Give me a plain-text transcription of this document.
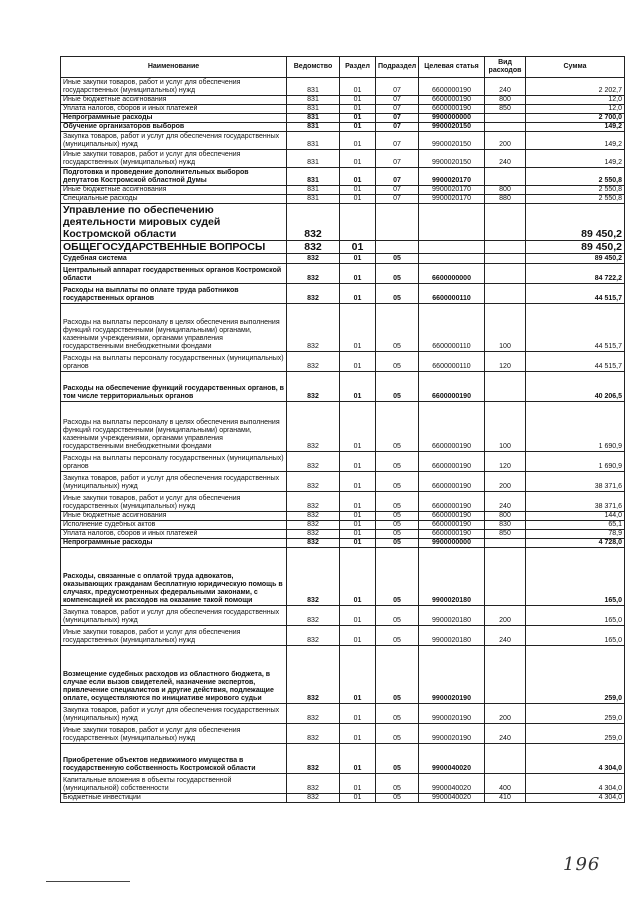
Наименование	Ведомство	Раздел	Подраздел	Целевая статья	Вид расходов	Сумма
Иные закупки товаров, работ и услуг для обеспечения государственных (муниципальных) нужд	831	01	07	6600000190	240	2 202,7
Иные бюджетные ассигнования	831	01	07	6600000190	800	12,0
Уплата налогов, сборов и иных платежей	831	01	07	6600000190	850	12,0
Непрограммные расходы	831	01	07	9900000000		2 700,0
Обучение организаторов выборов	831	01	07	9900020150		149,2
Закупка товаров, работ и услуг для обеспечения государственных (муниципальных) нужд	831	01	07	9900020150	200	149,2
Иные закупки товаров, работ и услуг для обеспечения государственных (муниципальных) нужд	831	01	07	9900020150	240	149,2
Подготовка и проведение дополнительных выборов депутатов Костромской областной Думы	831	01	07	9900020170		2 550,8
Иные бюджетные ассигнования	831	01	07	9900020170	800	2 550,8
Специальные расходы	831	01	07	9900020170	880	2 550,8
Управление по обеспечению деятельности мировых судей Костромской области	832					89 450,2
ОБЩЕГОСУДАРСТВЕННЫЕ ВОПРОСЫ	832	01				89 450,2
Судебная система	832	01	05			89 450,2
Центральный аппарат государственных органов Костромской области	832	01	05	6600000000		84 722,2
Расходы на выплаты по оплате труда работников государственных органов	832	01	05	6600000110		44 515,7
Расходы на выплаты персоналу в целях обеспечения выполнения функций государственными (муниципальными) органами, казенными учреждениями, органами управления государственными внебюджетными фондами	832	01	05	6600000110	100	44 515,7
Расходы на выплаты персоналу государственных (муниципальных) органов	832	01	05	6600000110	120	44 515,7
Расходы на обеспечение функций государственных органов, в том числе территориальных органов	832	01	05	6600000190		40 206,5
Расходы на выплаты персоналу в целях обеспечения выполнения функций государственными (муниципальными) органами, казенными учреждениями, органами управления государственными внебюджетными фондами	832	01	05	6600000190	100	1 690,9
Расходы на выплаты персоналу государственных (муниципальных) органов	832	01	05	6600000190	120	1 690,9
Закупка товаров, работ и услуг для обеспечения государственных (муниципальных) нужд	832	01	05	6600000190	200	38 371,6
Иные закупки товаров, работ и услуг для обеспечения государственных (муниципальных) нужд	832	01	05	6600000190	240	38 371,6
Иные бюджетные ассигнования	832	01	05	6600000190	800	144,0
Исполнение судебных актов	832	01	05	6600000190	830	65,1
Уплата налогов, сборов и иных платежей	832	01	05	6600000190	850	78,9
Непрограммные расходы	832	01	05	9900000000		4 728,0
Расходы, связанные с оплатой труда адвокатов, оказывающих гражданам бесплатную юридическую помощь в случаях, предусмотренных федеральными законами, с компенсацией их расходов на оказание такой помощи	832	01	05	9900020180		165,0
Закупка товаров, работ и услуг для обеспечения государственных (муниципальных) нужд	832	01	05	9900020180	200	165,0
Иные закупки товаров, работ и услуг для обеспечения государственных (муниципальных) нужд	832	01	05	9900020180	240	165,0
Возмещение судебных расходов из областного бюджета, в случае если вызов свидетелей, назначение экспертов, привлечение специалистов и другие действия, подлежащие оплате, осуществляются по инициативе мирового судьи	832	01	05	9900020190		259,0
Закупка товаров, работ и услуг для обеспечения государственных (муниципальных) нужд	832	01	05	9900020190	200	259,0
Иные закупки товаров, работ и услуг для обеспечения государственных (муниципальных) нужд	832	01	05	9900020190	240	259,0
Приобретение объектов недвижимого имущества в государственную собственность Костромской области	832	01	05	9900040020		4 304,0
Капитальные вложения в объекты государственной (муниципальной) собственности	832	01	05	9900040020	400	4 304,0
Бюджетные инвестиции	832	01	05	9900040020	410	4 304,0
196
